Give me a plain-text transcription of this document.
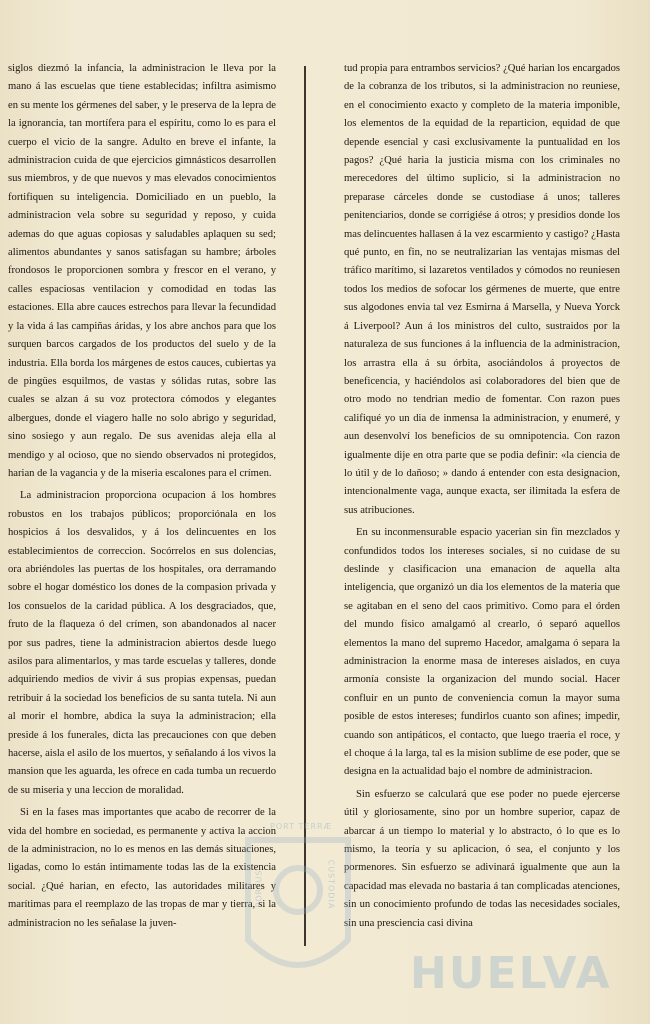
siglos diezmó la infancia, la administracion le lleva por la mano á las escuelas que tiene establecidas; infiltra asimismo en su mente los gérmenes del saber, y le preserva de la lepra de la ignorancia, tan mortífera para el espíritu, como lo es para el cuerpo el vicio de la sangre. Adulto en breve el infante, la administracion cuida de que ejercicios gimnásticos desarrollen sus miembros, y de que nuevos y mas elevados conocimientos fortifiquen su inteligencia. Domiciliado en un pueblo, la administracion vela sobre su seguridad y reposo, y cuida ademas do que aguas copiosas y saludables aplaquen su sed; alimentos abundantes y sanos satisfagan su hambre; árboles frondosos le proporcionen sombra y frescor en el verano, y calles espaciosas ventilacion y comodidad en todas las estaciones. Ella abre cauces estrechos para llevar la fecundidad y la vida á las campiñas áridas, y los abre anchos para que los surquen barcos cargados de los productos del suelo y de la industria. Ella borda los márgenes de estos cauces, cubiertas ya de pingües esquilmos, de vastas y sólidas rutas, sobre las cuales se alzan á su voz protectora cómodos y elegantes albergues, donde el viagero halle no solo abrigo y seguridad, sino sosiego y aun regalo. De sus avenidas aleja ella al mendigo y al ocioso, que no siendo observados ni protegidos, harian de la vagancia y de la miseria escalones para el crímen.

La administracion proporciona ocupacion á los hombres robustos en los trabajos públicos; proporciónala en los hospicios á los desvalidos, y á los delincuentes en los establecimientos de correccion. Socórrelos en sus dolencias, ora abriéndoles las puertas de los hospitales, ora derramando sobre el hogar doméstico los dones de la compasion privada y los consuelos de la caridad pública. A los desgraciados, que, fruto de la flaqueza ó del crímen, son abandonados al nacer por sus padres, tiene la administracion abiertos desde luego asilos para alimentarlos, y mas tarde escuelas y talleres, donde adquiriendo medios de vivir á sus propias expensas, puedan retribuir á la sociedad los beneficios de su santa tutela. Ni aun al morir el hombre, abdica la suya la administracion; ella preside á los funerales, dicta las precauciones con que deben hacerse, aisla el asilo de los muertos, y señalando á los vivos la mansion que les aguarda, les ofrece en cada tumba un recuerdo de su miseria y una leccion de moralidad.

Si en la fases mas importantes que acabo de recorrer de la vida del hombre en sociedad, es permanente y activa la accion de la administracion, no lo es menos en las demás situaciones, ligadas, como lo están intimamente todas las de la existencia social. ¿Qué harian, en efecto, las autoridades militares y marítimas para el reemplazo de las tropas de mar y tierra, si la administracion no les señalase la juven-

tud propia para entrambos servicios? ¿Qué harian los encargados de la cobranza de los tributos, si la administracion no reuniese, en el conocimiento exacto y completo de la materia imponible, los elementos de la equidad de la reparticion, equidad de que depende esencial y casi exclusivamente la puntualidad en los pagos? ¿Qué haria la justicia misma con los criminales no merecedores del último suplicio, si la administracion no preparase cárceles donde se custodiase á unos; talleres penitenciarios, donde se corrigiése á otros; y presidios donde los mas delincuentes hallasen á la vez escarmiento y castigo? ¿Hasta qué punto, en fin, no se neutralizarian las ventajas mismas del tráfico marítimo, si lazaretos ventilados y cómodos no reuniesen todos los medios de sofocar los gérmenes de muerte, que entre sus algodones envia tal vez Esmirna á Marsella, y Nueva Yorck á Liverpool? Aun á los ministros del culto, sustraidos por la naturaleza de sus funciones á la influencia de la administracion, los arrastra ella á su órbita, asociándolos á proyectos de beneficencia, y haciéndolos asi colaboradores del bien que de otro modo no tendrian medio de fomentar. Con razon pues califiqué yo un dia de inmensa la administracion, y enumeré, y aun desenvolví los beneficios de su omnipotencia. Con razon igualmente dije en otra parte que se podia definir: «la ciencia de lo útil y de lo dañoso; » dando á entender con esta designacion, intencionalmente vaga, aunque exacta, ser ilimitada la esfera de sus atribuciones.

En su inconmensurable espacio yacerian sin fin mezclados y confundidos todos los intereses sociales, si no cuidase de su deslinde y clasificacion una emanacion de aquella alta inteligencia, que organizó un dia los elementos de la materia que se agitaban en el seno del caos primitivo. Como para el órden del mundo físico amalgamó al crearlo, ó separó aquellos elementos la mano del supremo Hacedor, amalgama ó separa la administracion la enorme masa de intereses aislados, en cuya armonía consiste la organizacion del mundo social. Hacer confluir en un punto de conveniencia comun la mayor suma posible de estos intereses; fundirlos cuanto son afines; impedir, cuando son antipáticos, el contacto, que luego traeria el roce, y el choque á la larga, tal es la mision sublime de ese poder, que se designa en la actualidad bajo el nombre de administracion.

Sin esfuerzo se calculará que ese poder no puede ejercerse útil y gloriosamente, sino por un hombre superior, capaz de abarcar á un tiempo lo material y lo abstracto, ó lo que es lo mismo, la teoría y su aplicacion, ó sea, el conjunto y los pormenores. Sin esfuerzo se adivinará igualmente que aun la capacidad mas elevada no bastaria á tan complicadas atenciones, sin un conocimiento profundo de todas las necesidades sociales, sin una presciencia casi divina

PORTUS	CUSTODIA
PORT TERRÆ
HUELVA
